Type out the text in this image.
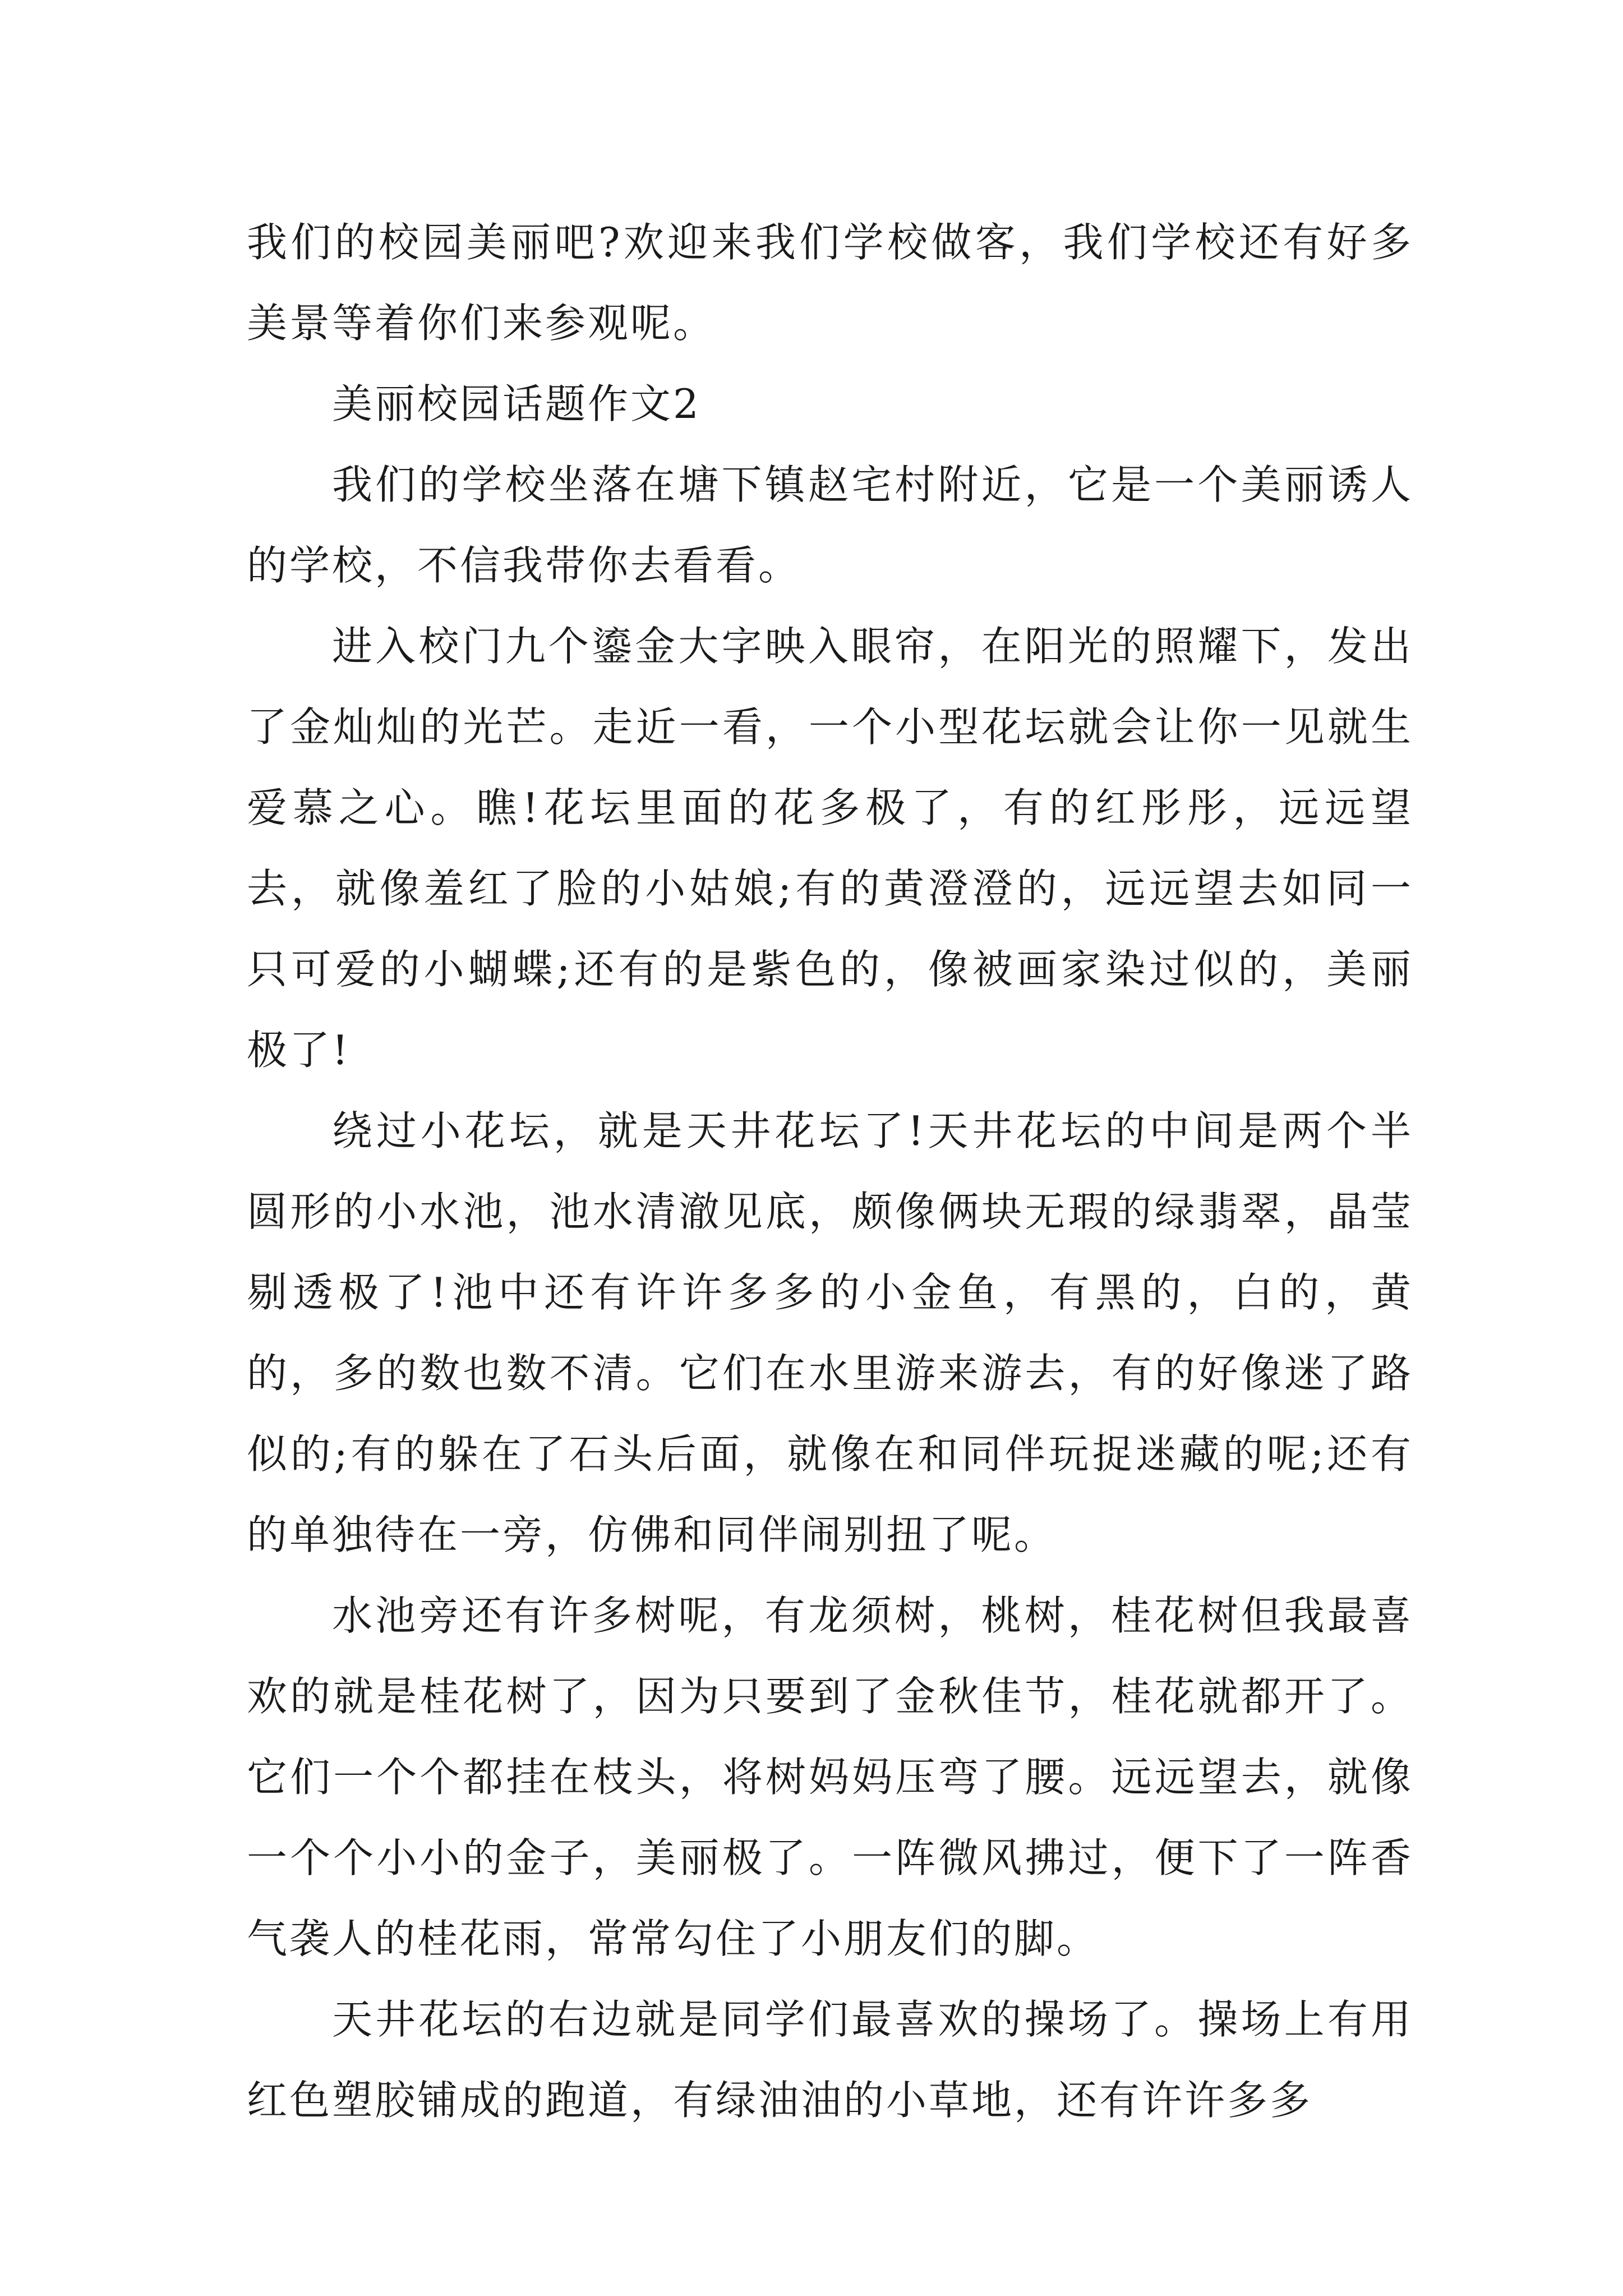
我们的校园美丽吧?欢迎来我们学校做客，我们学校还有好多美景等着你们来参观呢。

美丽校园话题作文2

我们的学校坐落在塘下镇赵宅村附近，它是一个美丽诱人的学校，不信我带你去看看。

进入校门九个鎏金大字映入眼帘，在阳光的照耀下，发出了金灿灿的光芒。走近一看，一个小型花坛就会让你一见就生爱慕之心。瞧!花坛里面的花多极了，有的红彤彤，远远望去，就像羞红了脸的小姑娘;有的黄澄澄的，远远望去如同一只可爱的小蝴蝶;还有的是紫色的，像被画家染过似的，美丽极了!

绕过小花坛，就是天井花坛了!天井花坛的中间是两个半圆形的小水池，池水清澈见底，颇像俩块无瑕的绿翡翠，晶莹剔透极了!池中还有许许多多的小金鱼，有黑的，白的，黄的，多的数也数不清。它们在水里游来游去，有的好像迷了路似的;有的躲在了石头后面，就像在和同伴玩捉迷藏的呢;还有的单独待在一旁，仿佛和同伴闹别扭了呢。

水池旁还有许多树呢，有龙须树，桃树，桂花树但我最喜欢的就是桂花树了，因为只要到了金秋佳节，桂花就都开了。它们一个个都挂在枝头，将树妈妈压弯了腰。远远望去，就像一个个小小的金子，美丽极了。一阵微风拂过，便下了一阵香气袭人的桂花雨，常常勾住了小朋友们的脚。

天井花坛的右边就是同学们最喜欢的操场了。操场上有用红色塑胶铺成的跑道，有绿油油的小草地，还有许许多多
